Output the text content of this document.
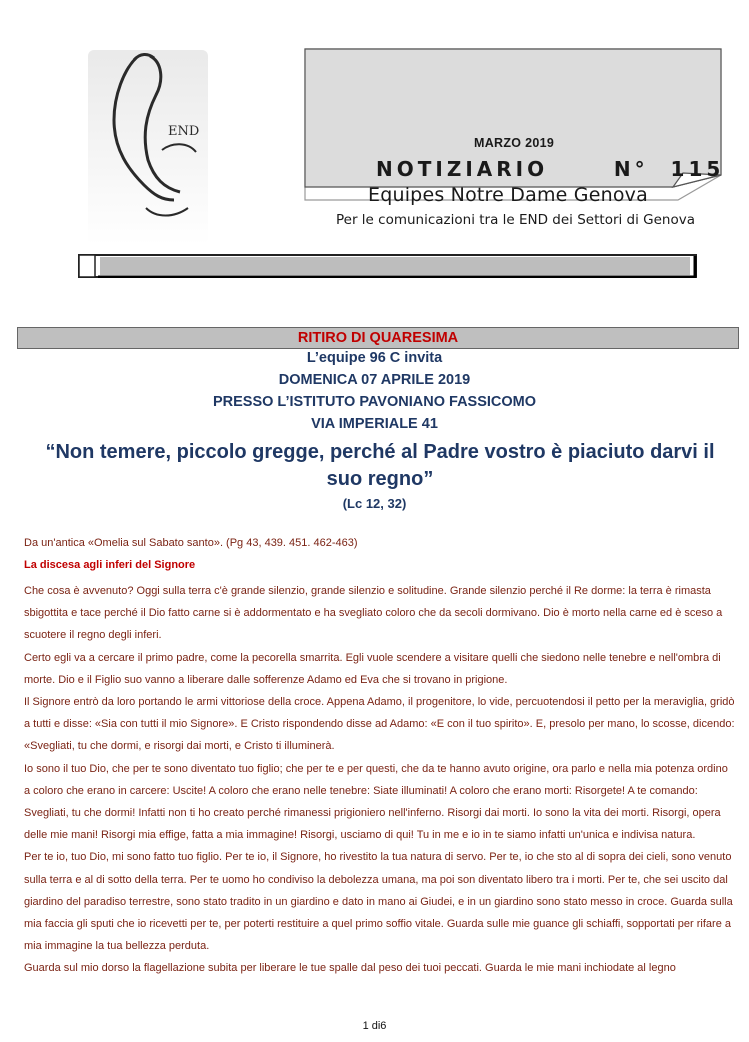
END
MARZO 2019
NOTIZIARIO      N°  115
Equipes Notre Dame Genova
Per le comunicazioni tra le END dei Settori di Genova
RITIRO DI QUARESIMA
L’equipe 96 C invita
DOMENICA 07 APRILE 2019
PRESSO L’ISTITUTO PAVONIANO FASSICOMO
VIA IMPERIALE 41
“Non temere, piccolo gregge, perché al Padre vostro è piaciuto darvi il suo regno”
(Lc 12, 32)
Da un'antica «Omelia sul Sabato santo». (Pg 43, 439. 451. 462-463)
La discesa agli inferi del Signore

Che cosa è avvenuto? Oggi sulla terra c'è grande silenzio, grande silenzio e solitudine. Grande silenzio perché il Re dorme: la terra è rimasta sbigottita e tace perché il Dio fatto carne si è addormentato e ha svegliato coloro che da secoli dormivano. Dio è morto nella carne ed è sceso a scuotere il regno degli inferi.

Certo egli va a cercare il primo padre, come la pecorella smarrita. Egli vuole scendere a visitare quelli che siedono nelle tenebre e nell'ombra di morte. Dio e il Figlio suo vanno a liberare dalle sofferenze Adamo ed Eva che si trovano in prigione.

Il Signore entrò da loro portando le armi vittoriose della croce. Appena Adamo, il progenitore, lo vide, percuotendosi il petto per la meraviglia, gridò a tutti e disse: «Sia con tutti il mio Signore». E Cristo rispondendo disse ad Adamo: «E con il tuo spirito». E, presolo per mano, lo scosse, dicendo: «Svegliati, tu che dormi, e risorgi dai morti, e Cristo ti illuminerà.

Io sono il tuo Dio, che per te sono diventato tuo figlio; che per te e per questi, che da te hanno avuto origine, ora parlo e nella mia potenza ordino a coloro che erano in carcere: Uscite! A coloro che erano nelle tenebre: Siate illuminati! A coloro che erano morti: Risorgete! A te comando: Svegliati, tu che dormi! Infatti non ti ho creato perché rimanessi prigioniero nell'inferno. Risorgi dai morti. Io sono la vita dei morti. Risorgi, opera delle mie mani! Risorgi mia effige, fatta a mia immagine! Risorgi, usciamo di qui! Tu in me e io in te siamo infatti un'unica e indivisa natura.

Per te io, tuo Dio, mi sono fatto tuo figlio. Per te io, il Signore, ho rivestito la tua natura di servo. Per te, io che sto al di sopra dei cieli, sono venuto sulla terra e al di sotto della terra. Per te uomo ho condiviso la debolezza umana, ma poi son diventato libero tra i morti. Per te, che sei uscito dal giardino del paradiso terrestre, sono stato tradito in un giardino e dato in mano ai Giudei, e in un giardino sono stato messo in croce. Guarda sulla mia faccia gli sputi che io ricevetti per te, per poterti restituire a quel primo soffio vitale. Guarda sulle mie guance gli schiaffi, sopportati per rifare a mia immagine la tua bellezza perduta.

Guarda sul mio dorso la flagellazione subita per liberare le tue spalle dal peso dei tuoi peccati. Guarda le mie mani inchiodate al legno

1 di6
